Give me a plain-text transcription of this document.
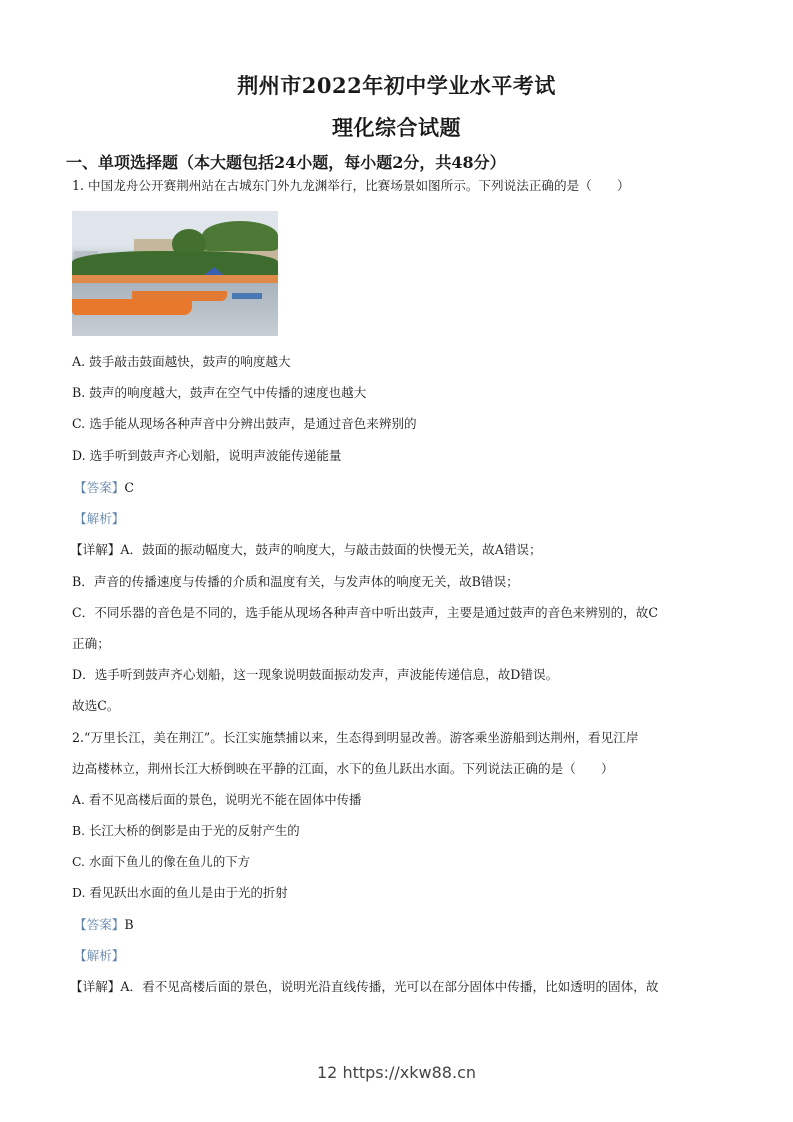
荆州市2022年初中学业水平考试
理化综合试题
一、单项选择题（本大题包括24小题，每小题2分，共48分）
1. 中国龙舟公开赛荆州站在古城东门外九龙渊举行，比赛场景如图所示。下列说法正确的是（　　）
A. 鼓手敲击鼓面越快，鼓声的响度越大
B. 鼓声的响度越大，鼓声在空气中传播的速度也越大
C. 选手能从现场各种声音中分辨出鼓声，是通过音色来辨别的
D. 选手听到鼓声齐心划船，说明声波能传递能量
【答案】C
【解析】
【详解】A．鼓面的振动幅度大，鼓声的响度大，与敲击鼓面的快慢无关，故A错误；
B．声音的传播速度与传播的介质和温度有关，与发声体的响度无关，故B错误；
C．不同乐器的音色是不同的，选手能从现场各种声音中听出鼓声，主要是通过鼓声的音色来辨别的，故C
正确；
D．选手听到鼓声齐心划船，这一现象说明鼓面振动发声，声波能传递信息，故D错误。
故选C。
2.“万里长江，美在荆江”。长江实施禁捕以来，生态得到明显改善。游客乘坐游船到达荆州，看见江岸
边高楼林立，荆州长江大桥倒映在平静的江面，水下的鱼儿跃出水面。下列说法正确的是（　　）
A. 看不见高楼后面的景色，说明光不能在固体中传播
B. 长江大桥的倒影是由于光的反射产生的
C. 水面下鱼儿的像在鱼儿的下方
D. 看见跃出水面的鱼儿是由于光的折射
【答案】B
【解析】
【详解】A．看不见高楼后面的景色，说明光沿直线传播，光可以在部分固体中传播，比如透明的固体，故
12 https://xkw88.cn
